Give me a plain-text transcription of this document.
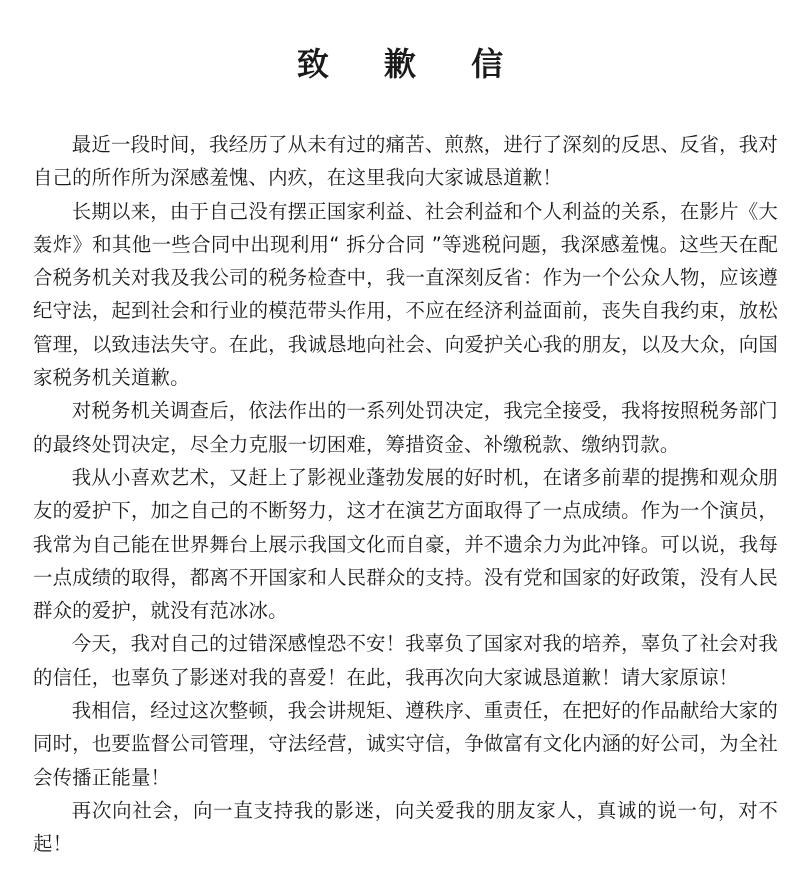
致 歉 信

最近一段时间，我经历了从未有过的痛苦、煎熬，进行了深刻的反思、反省，我对自己的所作所为深感羞愧、内疚，在这里我向大家诚恳道歉！

长期以来，由于自己没有摆正国家利益、社会利益和个人利益的关系，在影片《大轰炸》和其他一些合同中出现利用“ 拆分合同 ”等逃税问题，我深感羞愧。这些天在配合税务机关对我及我公司的税务检查中，我一直深刻反省：作为一个公众人物，应该遵纪守法，起到社会和行业的模范带头作用，不应在经济利益面前，丧失自我约束，放松管理，以致违法失守。在此，我诚恳地向社会、向爱护关心我的朋友，以及大众，向国家税务机关道歉。

对税务机关调查后，依法作出的一系列处罚决定，我完全接受，我将按照税务部门的最终处罚决定，尽全力克服一切困难，筹措资金、补缴税款、缴纳罚款。

我从小喜欢艺术，又赶上了影视业蓬勃发展的好时机，在诸多前辈的提携和观众朋友的爱护下，加之自己的不断努力，这才在演艺方面取得了一点成绩。作为一个演员，我常为自己能在世界舞台上展示我国文化而自豪，并不遗余力为此冲锋。可以说，我每一点成绩的取得，都离不开国家和人民群众的支持。没有党和国家的好政策，没有人民群众的爱护，就没有范冰冰。

今天，我对自己的过错深感惶恐不安！我辜负了国家对我的培养，辜负了社会对我的信任，也辜负了影迷对我的喜爱！在此，我再次向大家诚恳道歉！请大家原谅！

我相信，经过这次整顿，我会讲规矩、遵秩序、重责任，在把好的作品献给大家的同时，也要监督公司管理，守法经营，诚实守信，争做富有文化内涵的好公司，为全社会传播正能量！

再次向社会，向一直支持我的影迷，向关爱我的朋友家人，真诚的说一句，对不起！
